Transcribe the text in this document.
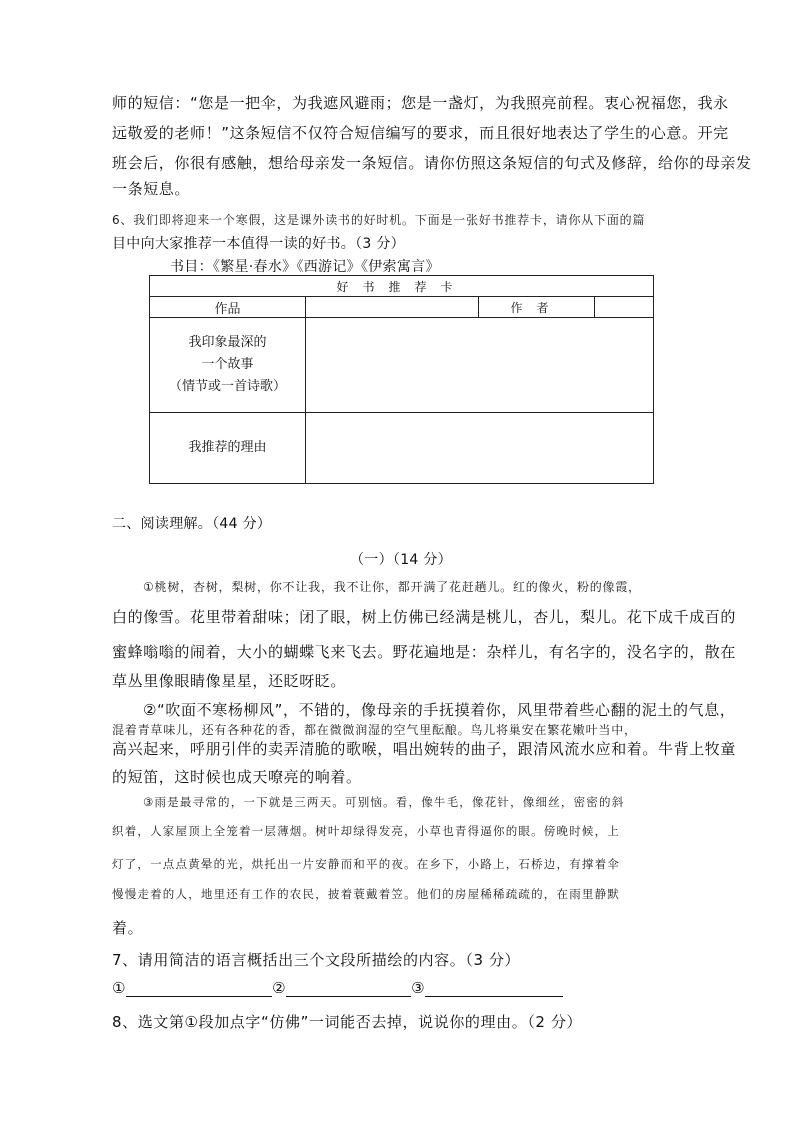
师的短信：“您是一把伞，为我遮风避雨；您是一盏灯，为我照亮前程。衷心祝福您，我永
远敬爱的老师！”这条短信不仅符合短信编写的要求，而且很好地表达了学生的心意。开完
班会后，你很有感触，想给母亲发一条短信。请你仿照这条短信的句式及修辞，给你的母亲发
一条短息。
6、我们即将迎来一个寒假，这是课外读书的好时机。下面是一张好书推荐卡，请你从下面的篇
目中向大家推荐一本值得一读的好书。（3 分）
书目：《繁星·春水》《西游记》《伊索寓言》
好书推荐卡			
作品		作者	

我印象最深的
一个故事
（情节或一首诗歌）			

我推荐的理由			
二、阅读理解。（44 分）
（一）（14 分）
①桃树，杏树，梨树，你不让我，我不让你，都开满了花赶趟儿。红的像火，粉的像霞，
白的像雪。花里带着甜味；闭了眼，树上仿佛已经满是桃儿，杏儿，梨儿。花下成千成百的
蜜蜂嗡嗡的闹着，大小的蝴蝶飞来飞去。野花遍地是：杂样儿，有名字的，没名字的，散在
草丛里像眼睛像星星，还眨呀眨。
②“吹面不寒杨柳风”，不错的，像母亲的手抚摸着你，风里带着些心翻的泥土的气息，
混着青草味儿，还有各种花的香，都在微微润湿的空气里酝酿。鸟儿将巢安在繁花嫩叶当中，
高兴起来，呼朋引伴的卖弄清脆的歌喉，唱出婉转的曲子，跟清风流水应和着。牛背上牧童
的短笛，这时候也成天嘹亮的响着。
③雨是最寻常的，一下就是三两天。可别恼。看，像牛毛，像花针，像细丝，密密的斜
织着，人家屋顶上全笼着一层薄烟。树叶却绿得发亮，小草也青得逼你的眼。傍晚时候，上
灯了，一点点黄晕的光，烘托出一片安静而和平的夜。在乡下，小路上，石桥边，有撑着伞
慢慢走着的人，地里还有工作的农民，披着蓑戴着笠。他们的房屋稀稀疏疏的，在雨里静默
着。
7、请用简洁的语言概括出三个文段所描绘的内容。（3 分）
①	②	③
8、选文第①段加点字“仿佛”一词能否去掉，说说你的理由。（2 分）
